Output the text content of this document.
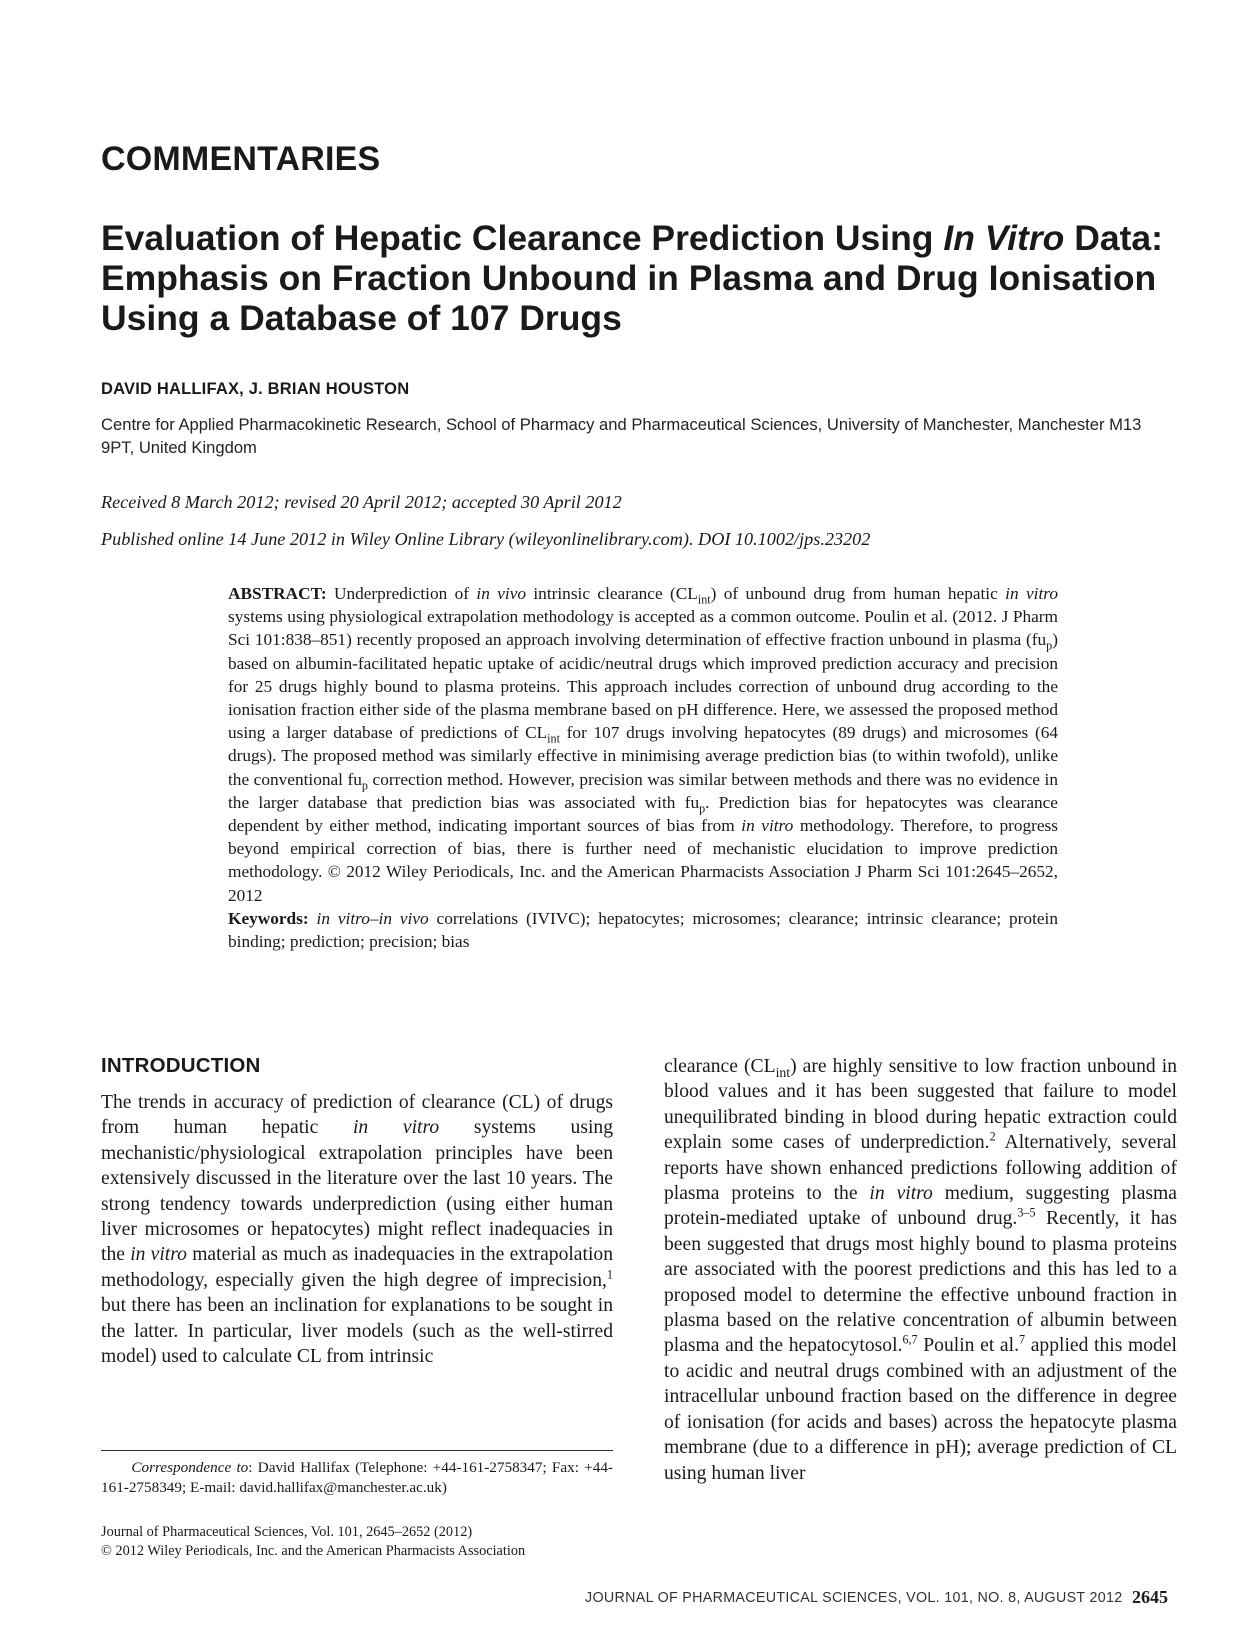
COMMENTARIES
Evaluation of Hepatic Clearance Prediction Using In Vitro Data: Emphasis on Fraction Unbound in Plasma and Drug Ionisation Using a Database of 107 Drugs
DAVID HALLIFAX, J. BRIAN HOUSTON
Centre for Applied Pharmacokinetic Research, School of Pharmacy and Pharmaceutical Sciences, University of Manchester, Manchester M13 9PT, United Kingdom
Received 8 March 2012; revised 20 April 2012; accepted 30 April 2012
Published online 14 June 2012 in Wiley Online Library (wileyonlinelibrary.com). DOI 10.1002/jps.23202

ABSTRACT: Underprediction of in vivo intrinsic clearance $(CL_{int})$ of unbound drug from human hepatic in vitro systems using physiological extrapolation methodology is accepted as a common outcome. Poulin et al. (2012. J Pharm Sci 101:838–851) recently proposed an approach involving determination of effective fraction unbound in plasma $(fu_p)$ based on albumin-facilitated hepatic uptake of acidic/neutral drugs which improved prediction accuracy and precision for 25 drugs highly bound to plasma proteins. This approach includes correction of unbound drug according to the ionisation fraction either side of the plasma membrane based on pH difference. Here, we assessed the proposed method using a larger database of predictions of $CL_{int}$ for 107 drugs involving hepatocytes (89 drugs) and microsomes (64 drugs). The proposed method was similarly effective in minimising average prediction bias (to within twofold), unlike the conventional $fu_p$ correction method. However, precision was similar between methods and there was no evidence in the larger database that prediction bias was associated with $fu_p$. Prediction bias for hepatocytes was clearance dependent by either method, indicating important sources of bias from in vitro methodology. Therefore, to progress beyond empirical correction of bias, there is further need of mechanistic elucidation to improve prediction methodology. © 2012 Wiley Periodicals, Inc. and the American Pharmacists Association J Pharm Sci 101:2645–2652, 2012

Keywords: in vitro–in vivo correlations (IVIVC); hepatocytes; microsomes; clearance; intrinsic clearance; protein binding; prediction; precision; bias

INTRODUCTION

The trends in accuracy of prediction of clearance (CL) of drugs from human hepatic in vitro systems using mechanistic/physiological extrapolation principles have been extensively discussed in the literature over the last 10 years. The strong tendency towards underprediction (using either human liver microsomes or hepatocytes) might reflect inadequacies in the in vitro material as much as inadequacies in the extrapolation methodology, especially given the high degree of imprecision,$^1$ but there has been an inclination for explanations to be sought in the latter. In particular, liver models (such as the well-stirred model) used to calculate CL from intrinsic

clearance $(CL_{int})$ are highly sensitive to low fraction unbound in blood values and it has been suggested that failure to model unequilibrated binding in blood during hepatic extraction could explain some cases of underprediction.$^2$ Alternatively, several reports have shown enhanced predictions following addition of plasma proteins to the in vitro medium, suggesting plasma protein-mediated uptake of unbound drug.$^{3-5}$ Recently, it has been suggested that drugs most highly bound to plasma proteins are associated with the poorest predictions and this has led to a proposed model to determine the effective unbound fraction in plasma based on the relative concentration of albumin between plasma and the hepatocytosol.$^{6,7}$ Poulin et al.$^7$ applied this model to acidic and neutral drugs combined with an adjustment of the intracellular unbound fraction based on the difference in degree of ionisation (for acids and bases) across the hepatocyte plasma membrane (due to a difference in pH); average prediction of CL using human liver

  Correspondence to: David Hallifax (Telephone: +44-161-2758347; Fax: +44-161-2758349; E-mail: david.hallifax@manchester.ac.uk)

Journal of Pharmaceutical Sciences, Vol. 101, 2645–2652 (2012)
© 2012 Wiley Periodicals, Inc. and the American Pharmacists Association
JOURNAL OF PHARMACEUTICAL SCIENCES, VOL. 101, NO. 8, AUGUST 2012 2645
